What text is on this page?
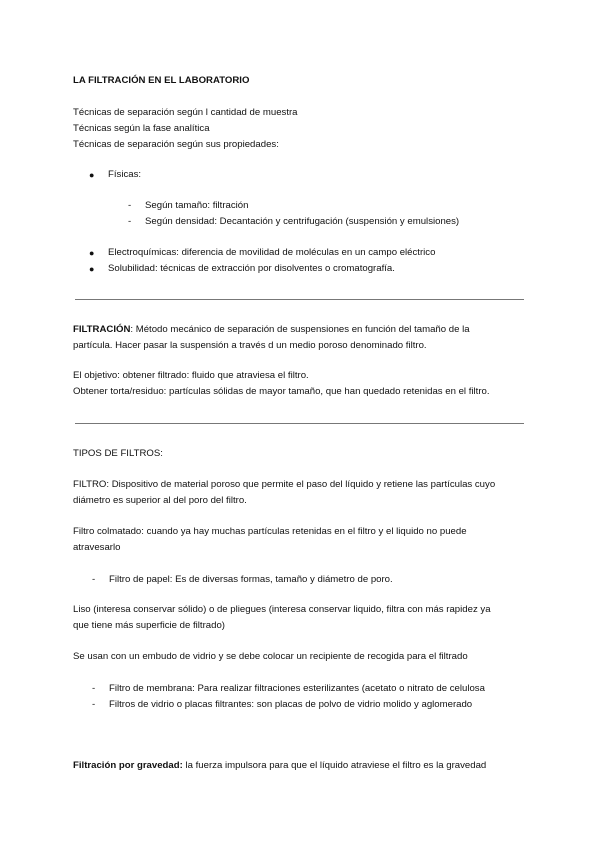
LA FILTRACIÓN EN EL LABORATORIO
Técnicas de separación según l cantidad de muestra
Técnicas según la fase analítica
Técnicas de separación según sus propiedades:
● Físicas:
- Según tamaño: filtración
- Según densidad: Decantación y centrifugación (suspensión y emulsiones)
● Electroquímicas: diferencia de movilidad de moléculas en un campo eléctrico
● Solubilidad: técnicas de extracción por disolventes o cromatografía.
FILTRACIÓN: Método mecánico de separación de suspensiones en función del tamaño de la
partícula. Hacer pasar la suspensión a través d un medio poroso denominado filtro.
El objetivo: obtener filtrado: fluido que atraviesa el filtro.
Obtener torta/residuo: partículas sólidas de mayor tamaño, que han quedado retenidas en el filtro.
TIPOS DE FILTROS:
FILTRO: Dispositivo de material poroso que permite el paso del líquido y retiene las partículas cuyo
diámetro es superior al del poro del filtro.
Filtro colmatado: cuando ya hay muchas partículas retenidas en el filtro y el liquido no puede
atravesarlo
- Filtro de papel: Es de diversas formas, tamaño y diámetro de poro.
Liso (interesa conservar sólido) o de pliegues (interesa conservar liquido, filtra con más rapidez ya
que tiene más superficie de filtrado)
Se usan con un embudo de vidrio y se debe colocar un recipiente de recogida para el filtrado
- Filtro de membrana: Para realizar filtraciones esterilizantes (acetato o nitrato de celulosa
- Filtros de vidrio o placas filtrantes: son placas de polvo de vidrio molido y aglomerado
Filtración por gravedad: la fuerza impulsora para que el líquido atraviese el filtro es la gravedad
